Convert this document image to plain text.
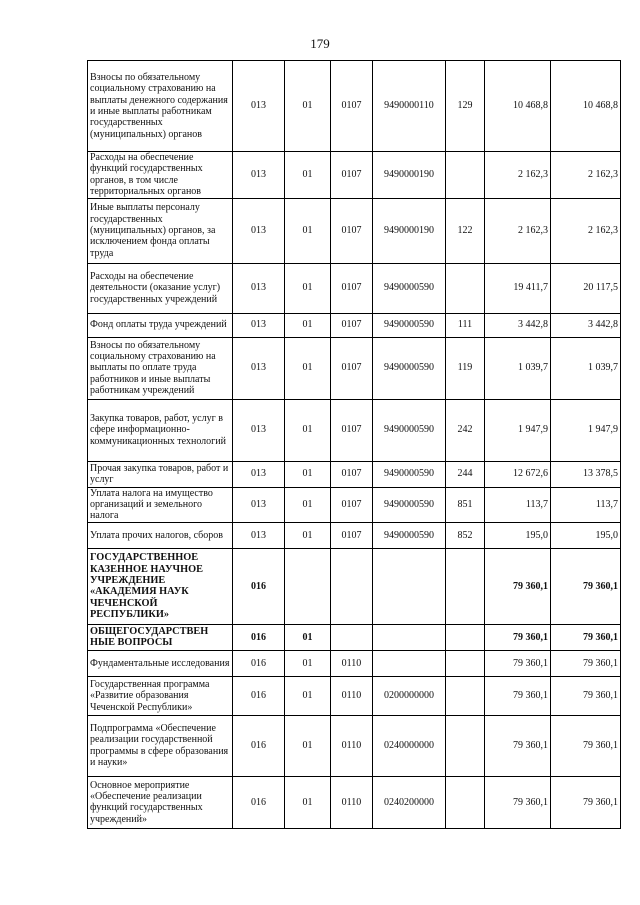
179
Взносы по обязательному социальному страхованию на выплаты денежного содержания и иные выплаты работникам государственных (муниципальных) органов	013	01	0107	9490000110	129	10 468,8	10 468,8
Расходы на обеспечение функций государственных органов, в том числе территориальных органов	013	01	0107	9490000190		2 162,3	2 162,3
Иные выплаты персоналу государственных (муниципальных) органов, за исключением фонда оплаты труда	013	01	0107	9490000190	122	2 162,3	2 162,3
Расходы на обеспечение деятельности (оказание услуг) государственных учреждений	013	01	0107	9490000590		19 411,7	20 117,5
Фонд оплаты труда учреждений	013	01	0107	9490000590	111	3 442,8	3 442,8
Взносы по обязательному социальному страхованию на выплаты по оплате труда работников и иные выплаты работникам учреждений	013	01	0107	9490000590	119	1 039,7	1 039,7
Закупка товаров, работ, услуг в сфере информационно-коммуникационных технологий	013	01	0107	9490000590	242	1 947,9	1 947,9
Прочая закупка товаров, работ и услуг	013	01	0107	9490000590	244	12 672,6	13 378,5
Уплата налога на имущество организаций и земельного налога	013	01	0107	9490000590	851	113,7	113,7
Уплата прочих налогов, сборов	013	01	0107	9490000590	852	195,0	195,0
ГОСУДАРСТВЕННОЕ КАЗЕННОЕ НАУЧНОЕ УЧРЕЖДЕНИЕ «АКАДЕМИЯ НАУК ЧЕЧЕНСКОЙ РЕСПУБЛИКИ»	016					79 360,1	79 360,1
ОБЩЕГОСУДАРСТВЕН НЫЕ ВОПРОСЫ	016	01				79 360,1	79 360,1
Фундаментальные исследования	016	01	0110			79 360,1	79 360,1
Государственная программа «Развитие образования Чеченской Республики»	016	01	0110	0200000000		79 360,1	79 360,1
Подпрограмма «Обеспечение реализации государственной программы в сфере образования и науки»	016	01	0110	0240000000		79 360,1	79 360,1
Основное мероприятие «Обеспечение реализации функций государственных учреждений»	016	01	0110	0240200000		79 360,1	79 360,1
